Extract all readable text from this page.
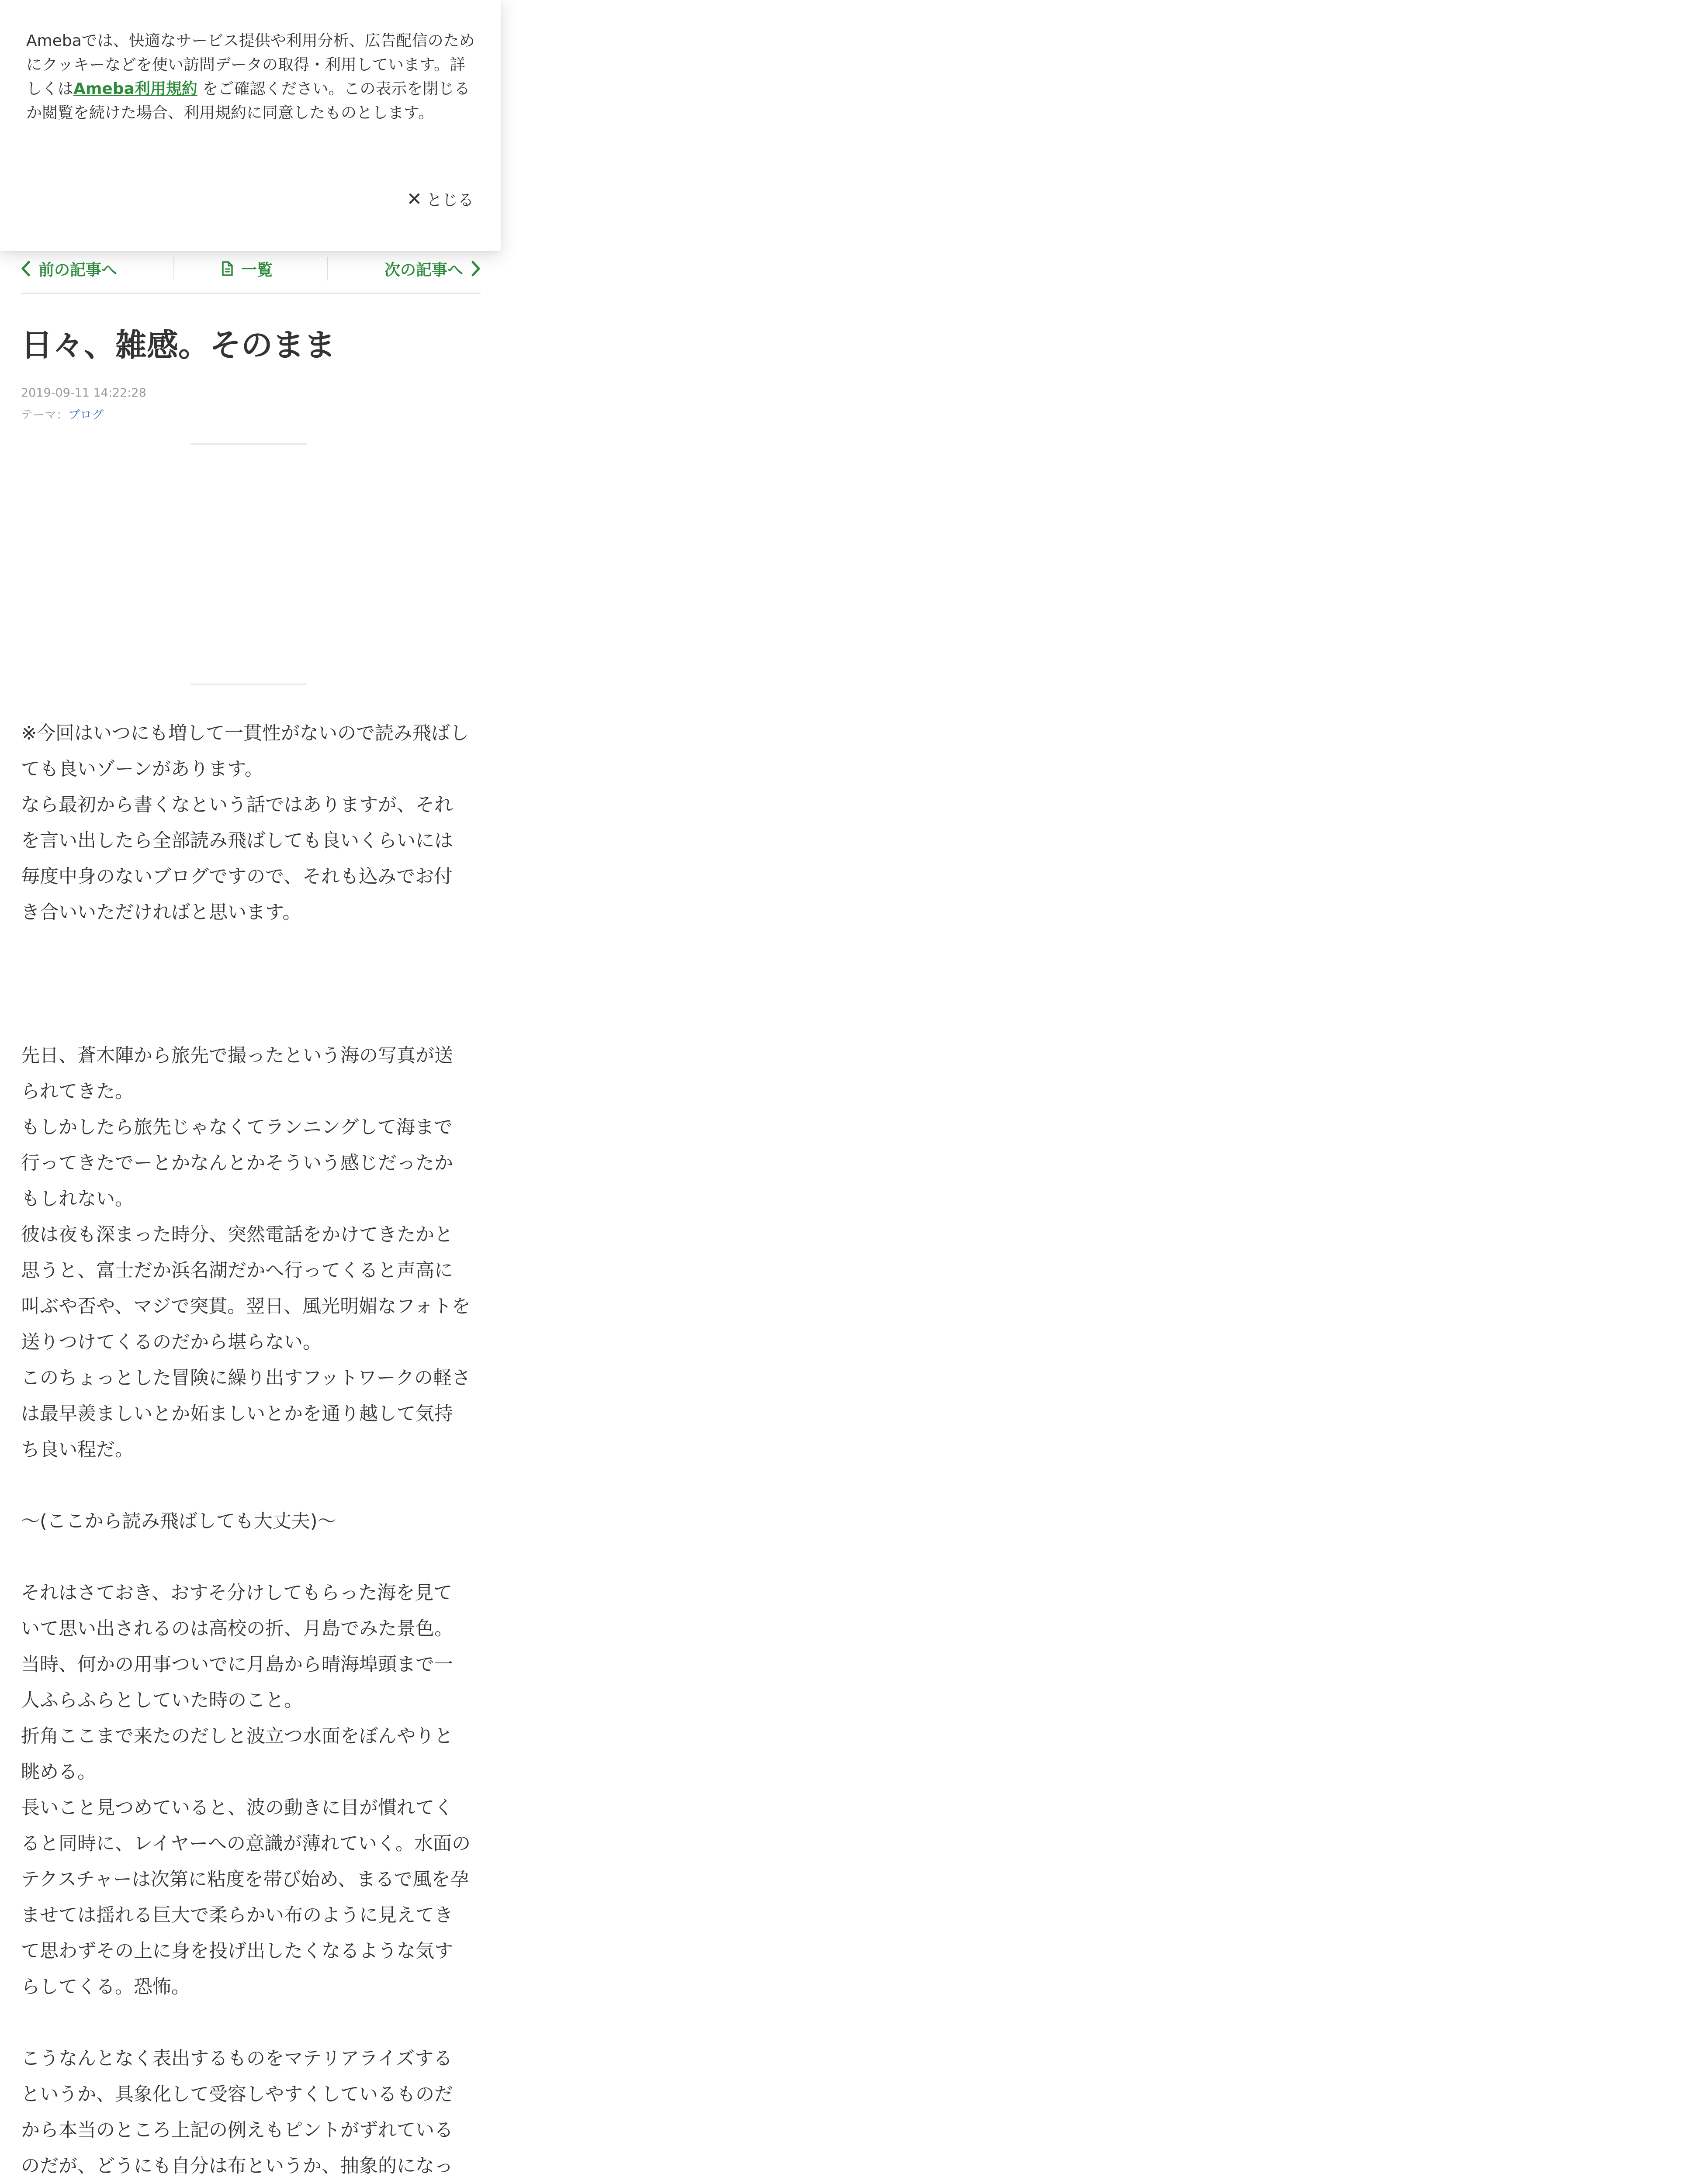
Amebaでは、快適なサービス提供や利用分析、広告配信のためにクッキーなどを使い訪問データの取得・利用しています。詳しくはAmeba利用規約 をご確認ください。この表示を閉じるか閲覧を続けた場合、利用規約に同意したものとします。
✕ とじる
前の記事へ	一覧	次の記事へ
日々、雑感。そのまま
2019-09-11 14:22:28
テーマ：ブログ

※今回はいつにも増して一貫性がないので読み飛ばしても良いゾーンがあります。

なら最初から書くなという話ではありますが、それを言い出したら全部読み飛ばしても良いくらいには毎度中身のないブログですので、それも込みでお付き合いいただければと思います。

先日、蒼木陣から旅先で撮ったという海の写真が送られてきた。

もしかしたら旅先じゃなくてランニングして海まで行ってきたでーとかなんとかそういう感じだったかもしれない。

彼は夜も深まった時分、突然電話をかけてきたかと思うと、富士だか浜名湖だかへ行ってくると声高に叫ぶや否や、マジで突貫。翌日、風光明媚なフォトを送りつけてくるのだから堪らない。

このちょっとした冒険に繰り出すフットワークの軽さは最早羨ましいとか妬ましいとかを通り越して気持ち良い程だ。

〜(ここから読み飛ばしても大丈夫)〜

それはさておき、おすそ分けしてもらった海を見ていて思い出されるのは高校の折、月島でみた景色。

当時、何かの用事ついでに月島から晴海埠頭まで一人ふらふらとしていた時のこと。

折角ここまで来たのだしと波立つ水面をぼんやりと眺める。

長いこと見つめていると、波の動きに目が慣れてくると同時に、レイヤーへの意識が薄れていく。水面のテクスチャーは次第に粘度を帯び始め、まるで風を孕ませては揺れる巨大で柔らかい布のように見えてきて思わずその上に身を投げ出したくなるような気すらしてくる。恐怖。

こうなんとなく表出するものをマテリアライズするというか、具象化して受容しやすくしているものだから本当のところ上記の例えもピントがずれているのだが、どうにも自分は布というか、抽象的になっ
